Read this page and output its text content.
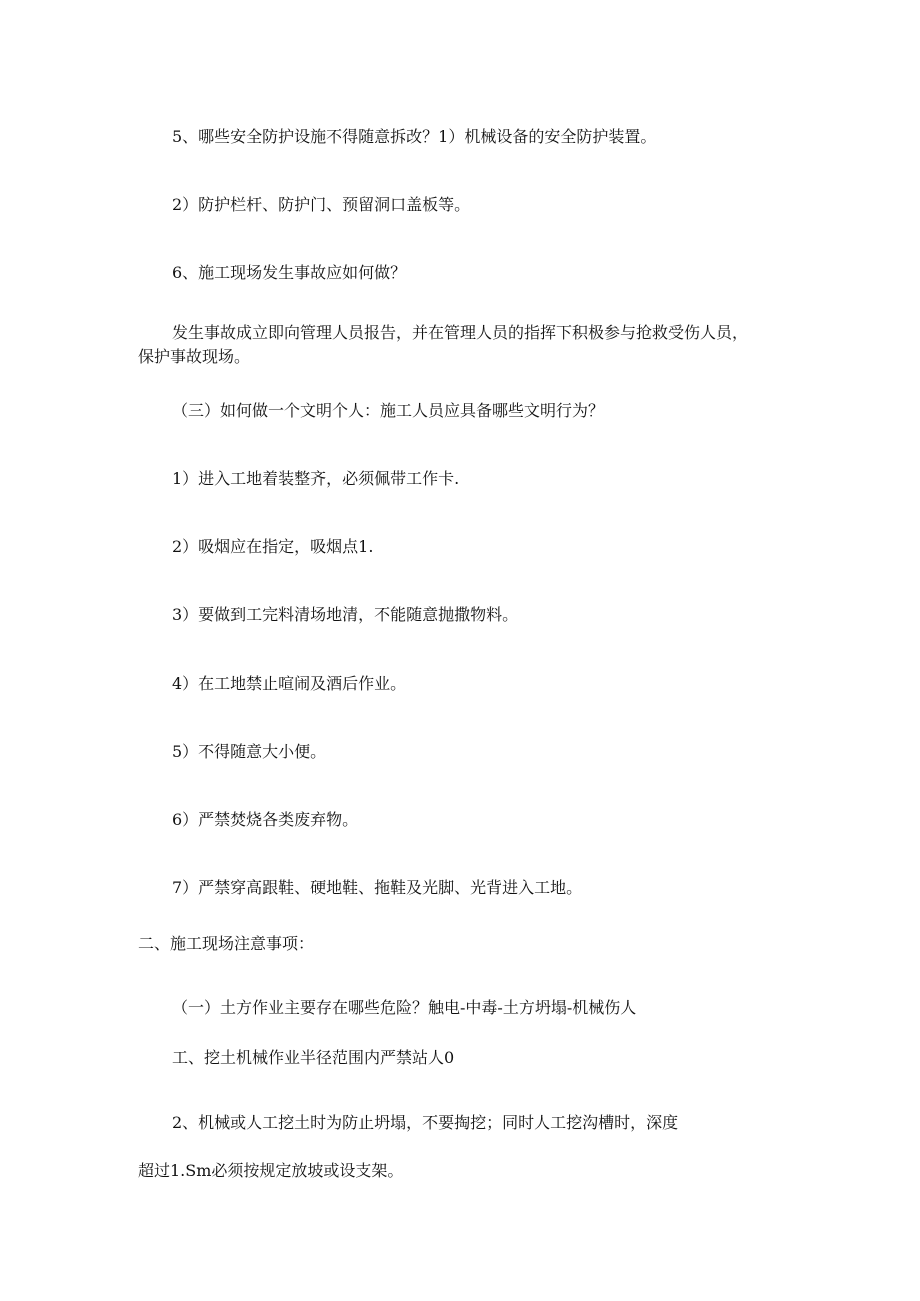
5、哪些安全防护设施不得随意拆改？1）机械设备的安全防护装置。

2）防护栏杆、防护门、预留洞口盖板等。

6、施工现场发生事故应如何做？

发生事故成立即向管理人员报告，并在管理人员的指挥下积极参与抢救受伤人员，

保护事故现场。

（三）如何做一个文明个人：施工人员应具备哪些文明行为？

1）进入工地着装整齐，必须佩带工作卡.

2）吸烟应在指定，吸烟点1.

3）要做到工完料清场地清，不能随意抛撒物料。

4）在工地禁止喧闹及酒后作业。

5）不得随意大小便。

6）严禁焚烧各类废弃物。

7）严禁穿高跟鞋、硬地鞋、拖鞋及光脚、光背进入工地。

二、施工现场注意事项：

（一）土方作业主要存在哪些危险？触电-中毒-土方坍塌-机械伤人

工、挖土机械作业半径范围内严禁站人0

2、机械或人工挖土时为防止坍塌，不要掏挖；同时人工挖沟槽时，深度

超过1.Sm必须按规定放坡或设支架。
